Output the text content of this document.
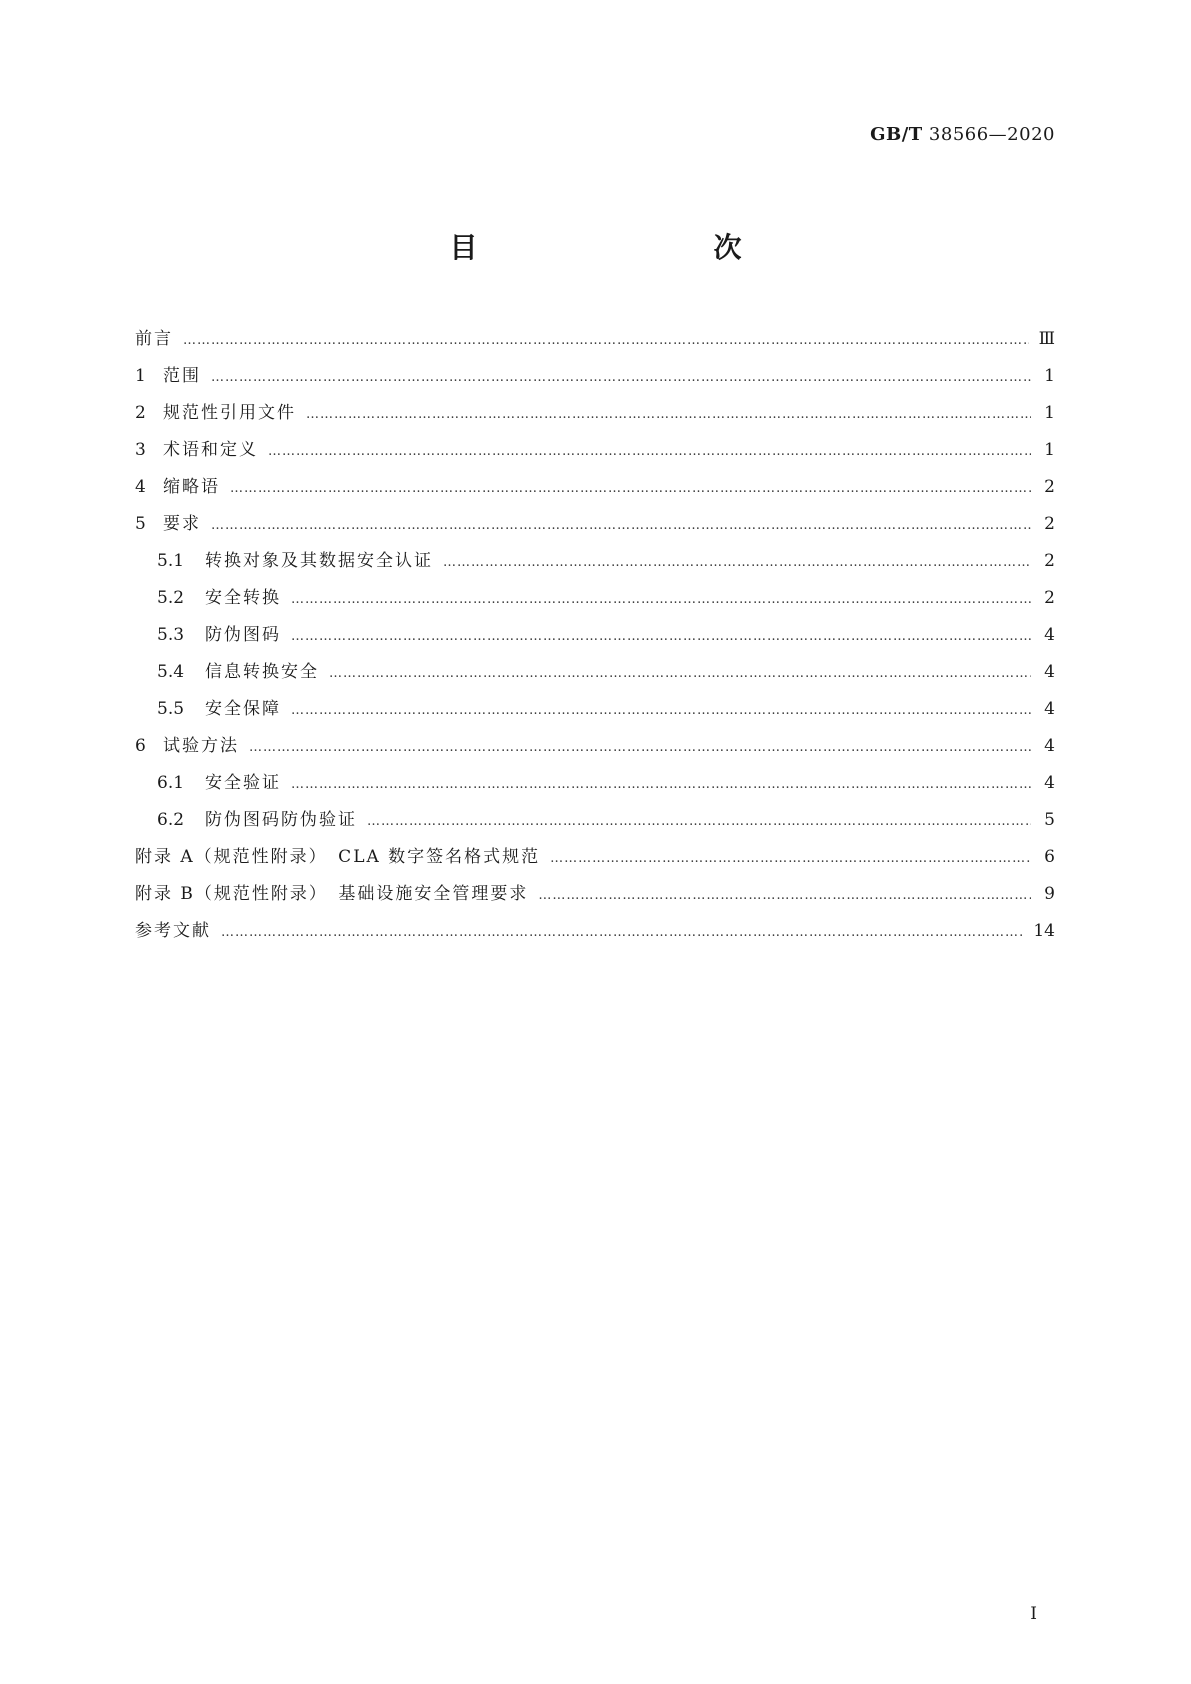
GB/T 38566—2020
目　　次
前言 ………………………………………………………………………………………………………………………………………………………………………………………………………………………………………………………………	Ⅲ
1	范围 ………………………………………………………………………………………………………………………………………………………………………………………………………………………………………………………………	1
2	规范性引用文件 ………………………………………………………………………………………………………………………………………………………………………………………………………………………………………………………………	1
3	术语和定义 ………………………………………………………………………………………………………………………………………………………………………………………………………………………………………………………………	1
4	缩略语 ………………………………………………………………………………………………………………………………………………………………………………………………………………………………………………………………	2
5	要求 ………………………………………………………………………………………………………………………………………………………………………………………………………………………………………………………………	2
5.1	转换对象及其数据安全认证 ………………………………………………………………………………………………………………………………………………………………………………………………………………………………………………………………	2
5.2	安全转换 ………………………………………………………………………………………………………………………………………………………………………………………………………………………………………………………………	2
5.3	防伪图码 ………………………………………………………………………………………………………………………………………………………………………………………………………………………………………………………………	4
5.4	信息转换安全 ………………………………………………………………………………………………………………………………………………………………………………………………………………………………………………………………	4
5.5	安全保障 ………………………………………………………………………………………………………………………………………………………………………………………………………………………………………………………………	4
6	试验方法 ………………………………………………………………………………………………………………………………………………………………………………………………………………………………………………………………	4
6.1	安全验证 ………………………………………………………………………………………………………………………………………………………………………………………………………………………………………………………………	4
6.2	防伪图码防伪验证 ………………………………………………………………………………………………………………………………………………………………………………………………………………………………………………………………	5
附录 A（规范性附录）　CLA 数字签名格式规范 ………………………………………………………………………………………………………………………………………………………………………………………………………………………………………………………………	6
附录 B（规范性附录）　基础设施安全管理要求 ………………………………………………………………………………………………………………………………………………………………………………………………………………………………………………………………	9
参考文献 ………………………………………………………………………………………………………………………………………………………………………………………………………………………………………………………………	14
I
